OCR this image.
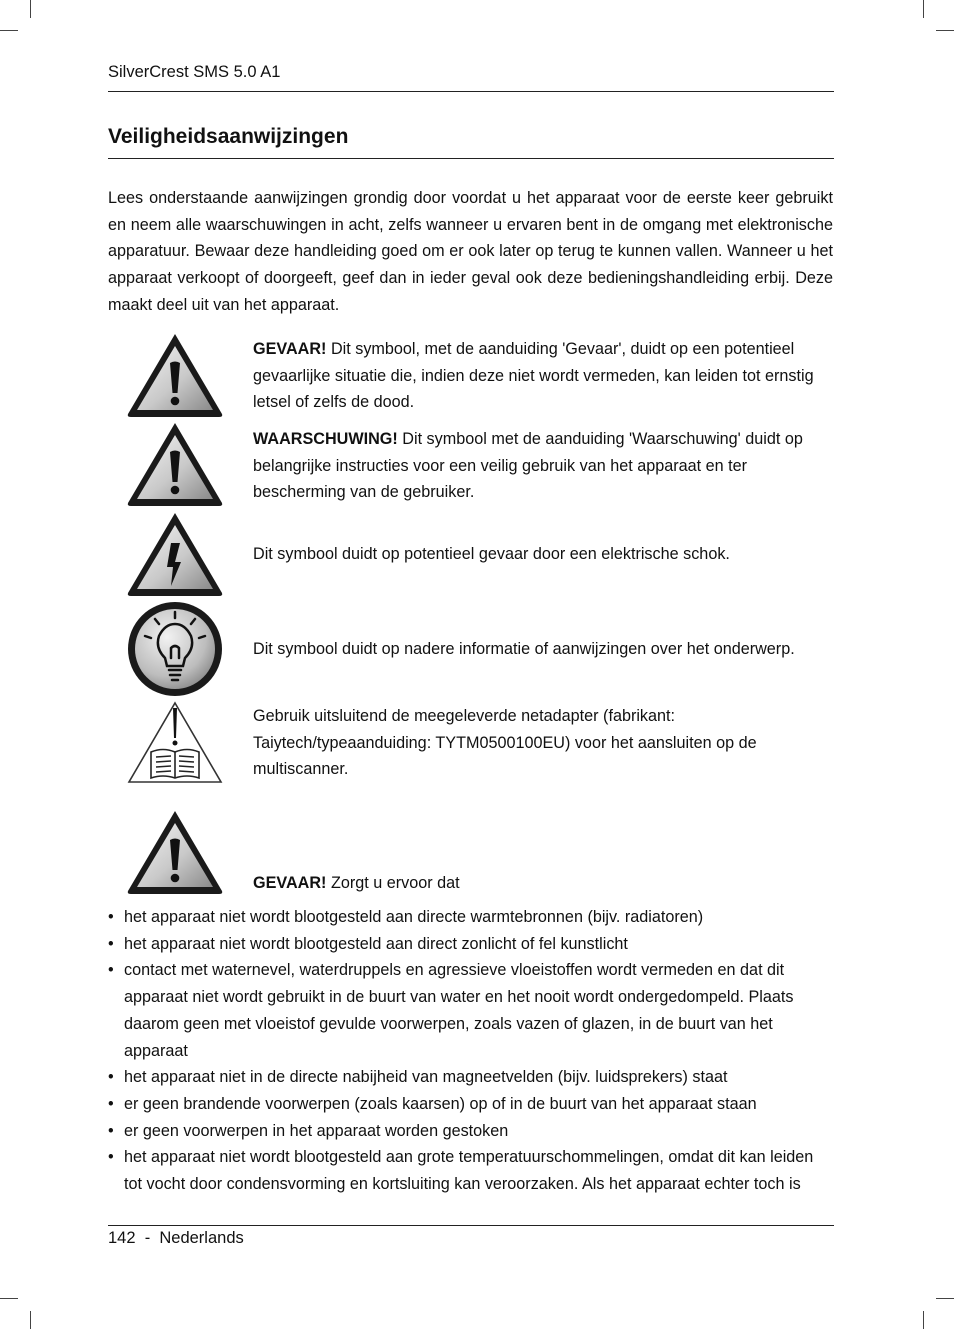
SilverCrest SMS 5.0 A1
Veiligheidsaanwijzingen
Lees onderstaande aanwijzingen grondig door voordat u het apparaat voor de eerste keer gebruikt en neem alle waarschuwingen in acht, zelfs wanneer u ervaren bent in de omgang met elektronische apparatuur. Bewaar deze handleiding goed om er ook later op terug te kunnen vallen. Wanneer u het apparaat verkoopt of doorgeeft, geef dan in ieder geval ook deze bedieningshandleiding erbij. Deze maakt deel uit van het apparaat.
GEVAAR! Dit symbool, met de aanduiding 'Gevaar', duidt op een potentieel gevaarlijke situatie die, indien deze niet wordt vermeden, kan leiden tot ernstig letsel of zelfs de dood.
WAARSCHUWING! Dit symbool met de aanduiding 'Waarschuwing' duidt op belangrijke instructies voor een veilig gebruik van het apparaat en ter bescherming van de gebruiker.
Dit symbool duidt op potentieel gevaar door een elektrische schok.
Dit symbool duidt op nadere informatie of aanwijzingen over het onderwerp.
Gebruik uitsluitend de meegeleverde netadapter (fabrikant: Taiytech/typeaanduiding: TYTM0500100EU) voor het aansluiten op de multiscanner.
GEVAAR! Zorgt u ervoor dat
• het apparaat niet wordt blootgesteld aan directe warmtebronnen (bijv. radiatoren)
• het apparaat niet wordt blootgesteld aan direct zonlicht of fel kunstlicht
• contact met waternevel, waterdruppels en agressieve vloeistoffen wordt vermeden en dat dit apparaat niet wordt gebruikt in de buurt van water en het nooit wordt ondergedompeld. Plaats daarom geen met vloeistof gevulde voorwerpen, zoals vazen of glazen, in de buurt van het apparaat
• het apparaat niet in de directe nabijheid van magneetvelden (bijv. luidsprekers) staat
• er geen brandende voorwerpen (zoals kaarsen) op of in de buurt van het apparaat staan
• er geen voorwerpen in het apparaat worden gestoken
• het apparaat niet wordt blootgesteld aan grote temperatuurschommelingen, omdat dit kan leiden tot vocht door condensvorming en kortsluiting kan veroorzaken. Als het apparaat echter toch is
142  -  Nederlands
